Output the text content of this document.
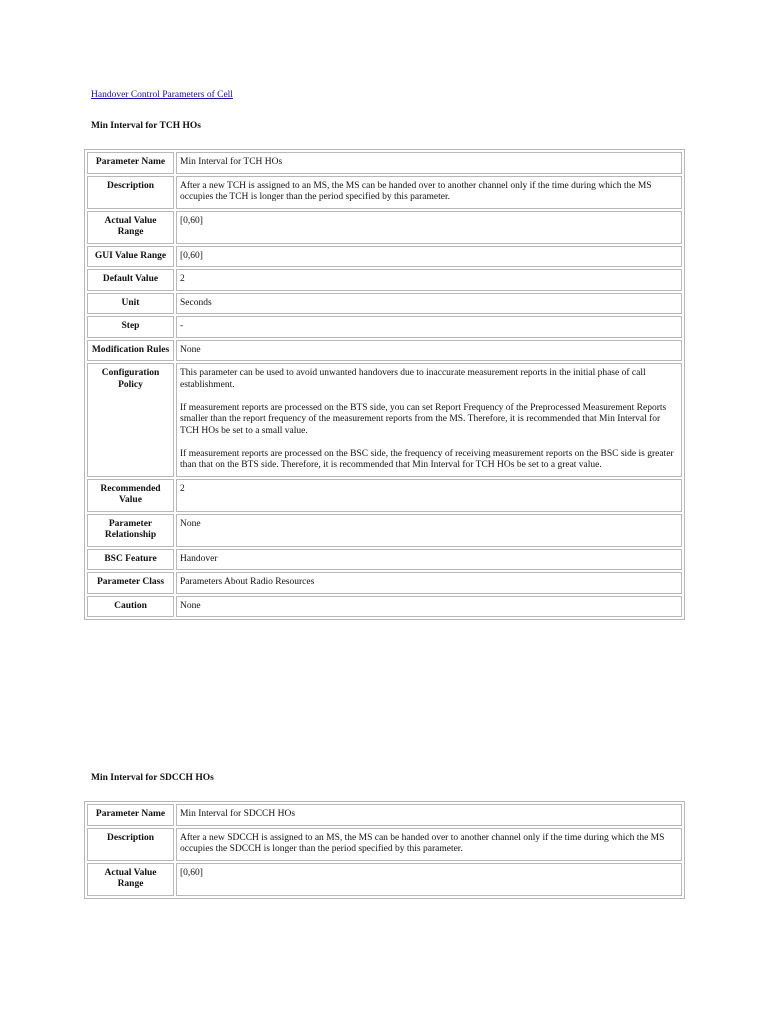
Handover Control Parameters of Cell
Min Interval for TCH HOs
Parameter Name	Min Interval for TCH HOs
Description	After a new TCH is assigned to an MS, the MS can be handed over to another channel only if the time during which the MS occupies the TCH is longer than the period specified by this parameter.
Actual Value Range	[0,60]
GUI Value Range	[0,60]
Default Value	2
Unit	Seconds
Step	-
Modification Rules	None
Configuration Policy	This parameter can be used to avoid unwanted handovers due to inaccurate measurement reports in the initial phase of call establishment.

If measurement reports are processed on the BTS side, you can set Report Frequency of the Preprocessed Measurement Reports smaller than the report frequency of the measurement reports from the MS. Therefore, it is recommended that Min Interval for TCH HOs be set to a small value.

If measurement reports are processed on the BSC side, the frequency of receiving measurement reports on the BSC side is greater than that on the BTS side. Therefore, it is recommended that Min Interval for TCH HOs be set to a great value.

Recommended Value	2
Parameter Relationship	None
BSC Feature	Handover
Parameter Class	Parameters About Radio Resources
Caution	None
Min Interval for SDCCH HOs
Parameter Name	Min Interval for SDCCH HOs
Description	After a new SDCCH is assigned to an MS, the MS can be handed over to another channel only if the time during which the MS occupies the SDCCH is longer than the period specified by this parameter.
Actual Value Range	[0,60]
